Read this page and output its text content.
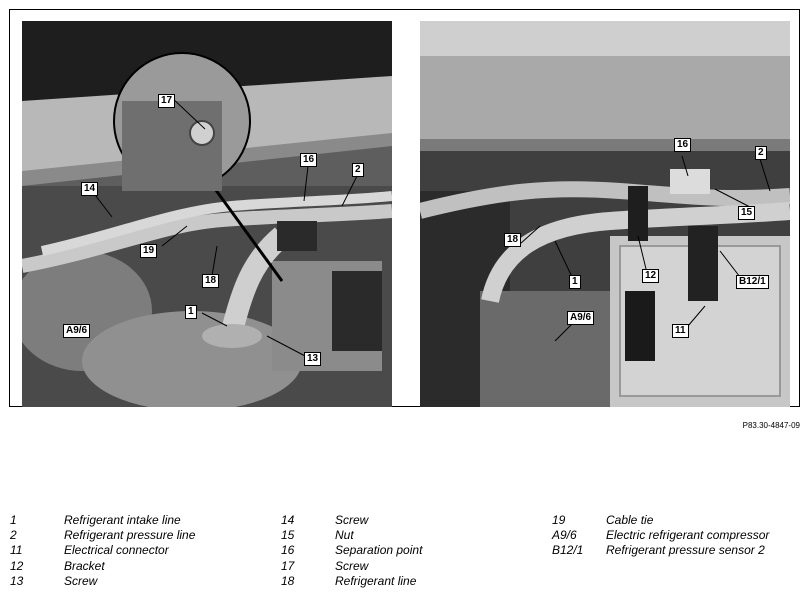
17
14
16
2
19
18
1
13
A9/6
16
2
15
18
1
12
B12/1
A9/6
11
P83.30-4847-09
1	Refrigerant intake line
2	Refrigerant pressure line
11	Electrical connector
12	Bracket
13	Screw
14	Screw
15	Nut
16	Separation point
17	Screw
18	Refrigerant line
19	Cable tie
A9/6 Electric refrigerant compressor
B12/1 Refrigerant pressure sensor 2
